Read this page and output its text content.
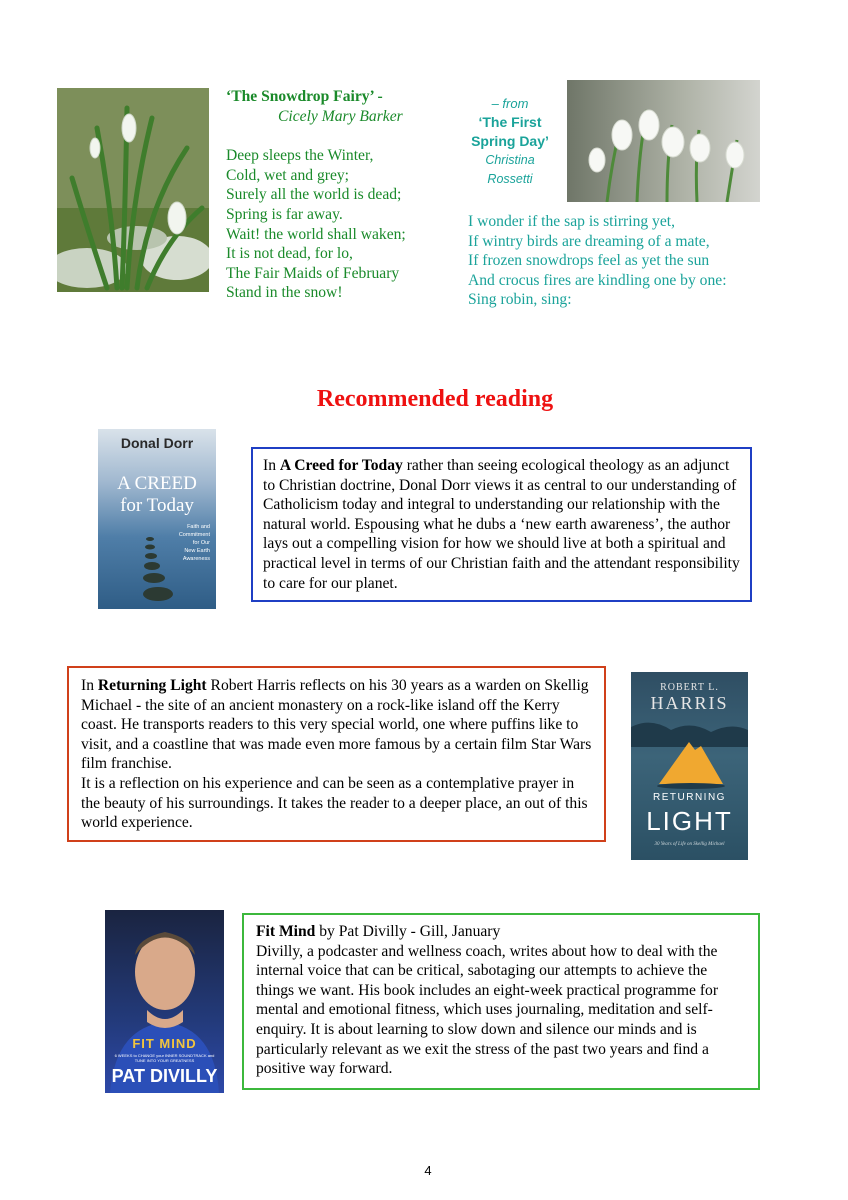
‘The Snowdrop Fairy’ -
Cicely Mary Barker
Deep sleeps the Winter,
Cold, wet and grey;
Surely all the world is dead;
Spring is far away.
Wait! the world shall waken;
It is not dead, for lo,
The Fair Maids of February
Stand in the snow!
– from
‘The First
Spring Day’
Christina
Rossetti
I wonder if the sap is stirring yet,
If wintry birds are dreaming of a mate,
If frozen snowdrops feel as yet the sun
And crocus fires are kindling one by one:
Sing robin, sing:
Recommended reading
Donal Dorr
A CREED
for Today
Faith and
Commitment
for Our
New Earth
Awareness
In A Creed for Today rather than seeing ecological theology as an adjunct to Christian doctrine, Donal Dorr views it as central to our understanding of Catholicism today and integral to understanding our relationship with the natural world. Espousing what he dubs a ‘new earth awareness’, the author lays out a compelling vision for how we should live at both a spiritual and practical level in terms of our Christian faith and the attendant responsibility to care for our planet.
In Returning Light Robert Harris reflects on his 30 years as a warden on Skellig Michael - the site of an ancient monastery on a rock-like island off the Kerry coast. He transports readers to this very special world, one where puffins like to visit, and a coastline that was made even more famous by a certain film Star Wars film franchise.
It is a reflection on his experience and can be seen as a contemplative prayer in the beauty of his surroundings. It takes the reader to a deeper place, an out of this world experience.
ROBERT L.
HARRIS
RETURNING
LIGHT
30 Years of Life on Skellig Michael
FIT MIND
6 WEEKS to CHANGE your INNER SOUNDTRACK and TUNE INTO YOUR GREATNESS
PAT DIVILLY
Fit Mind by Pat Divilly - Gill, January
Divilly, a podcaster and wellness coach, writes about how to deal with the internal voice that can be critical, sabotaging our attempts to achieve the things we want. His book includes an eight-week practical programme for mental and emotional fitness, which uses journaling, meditation and self-enquiry. It is about learning to slow down and silence our minds and is particularly relevant as we exit the stress of the past two years and find a positive way forward.
4
